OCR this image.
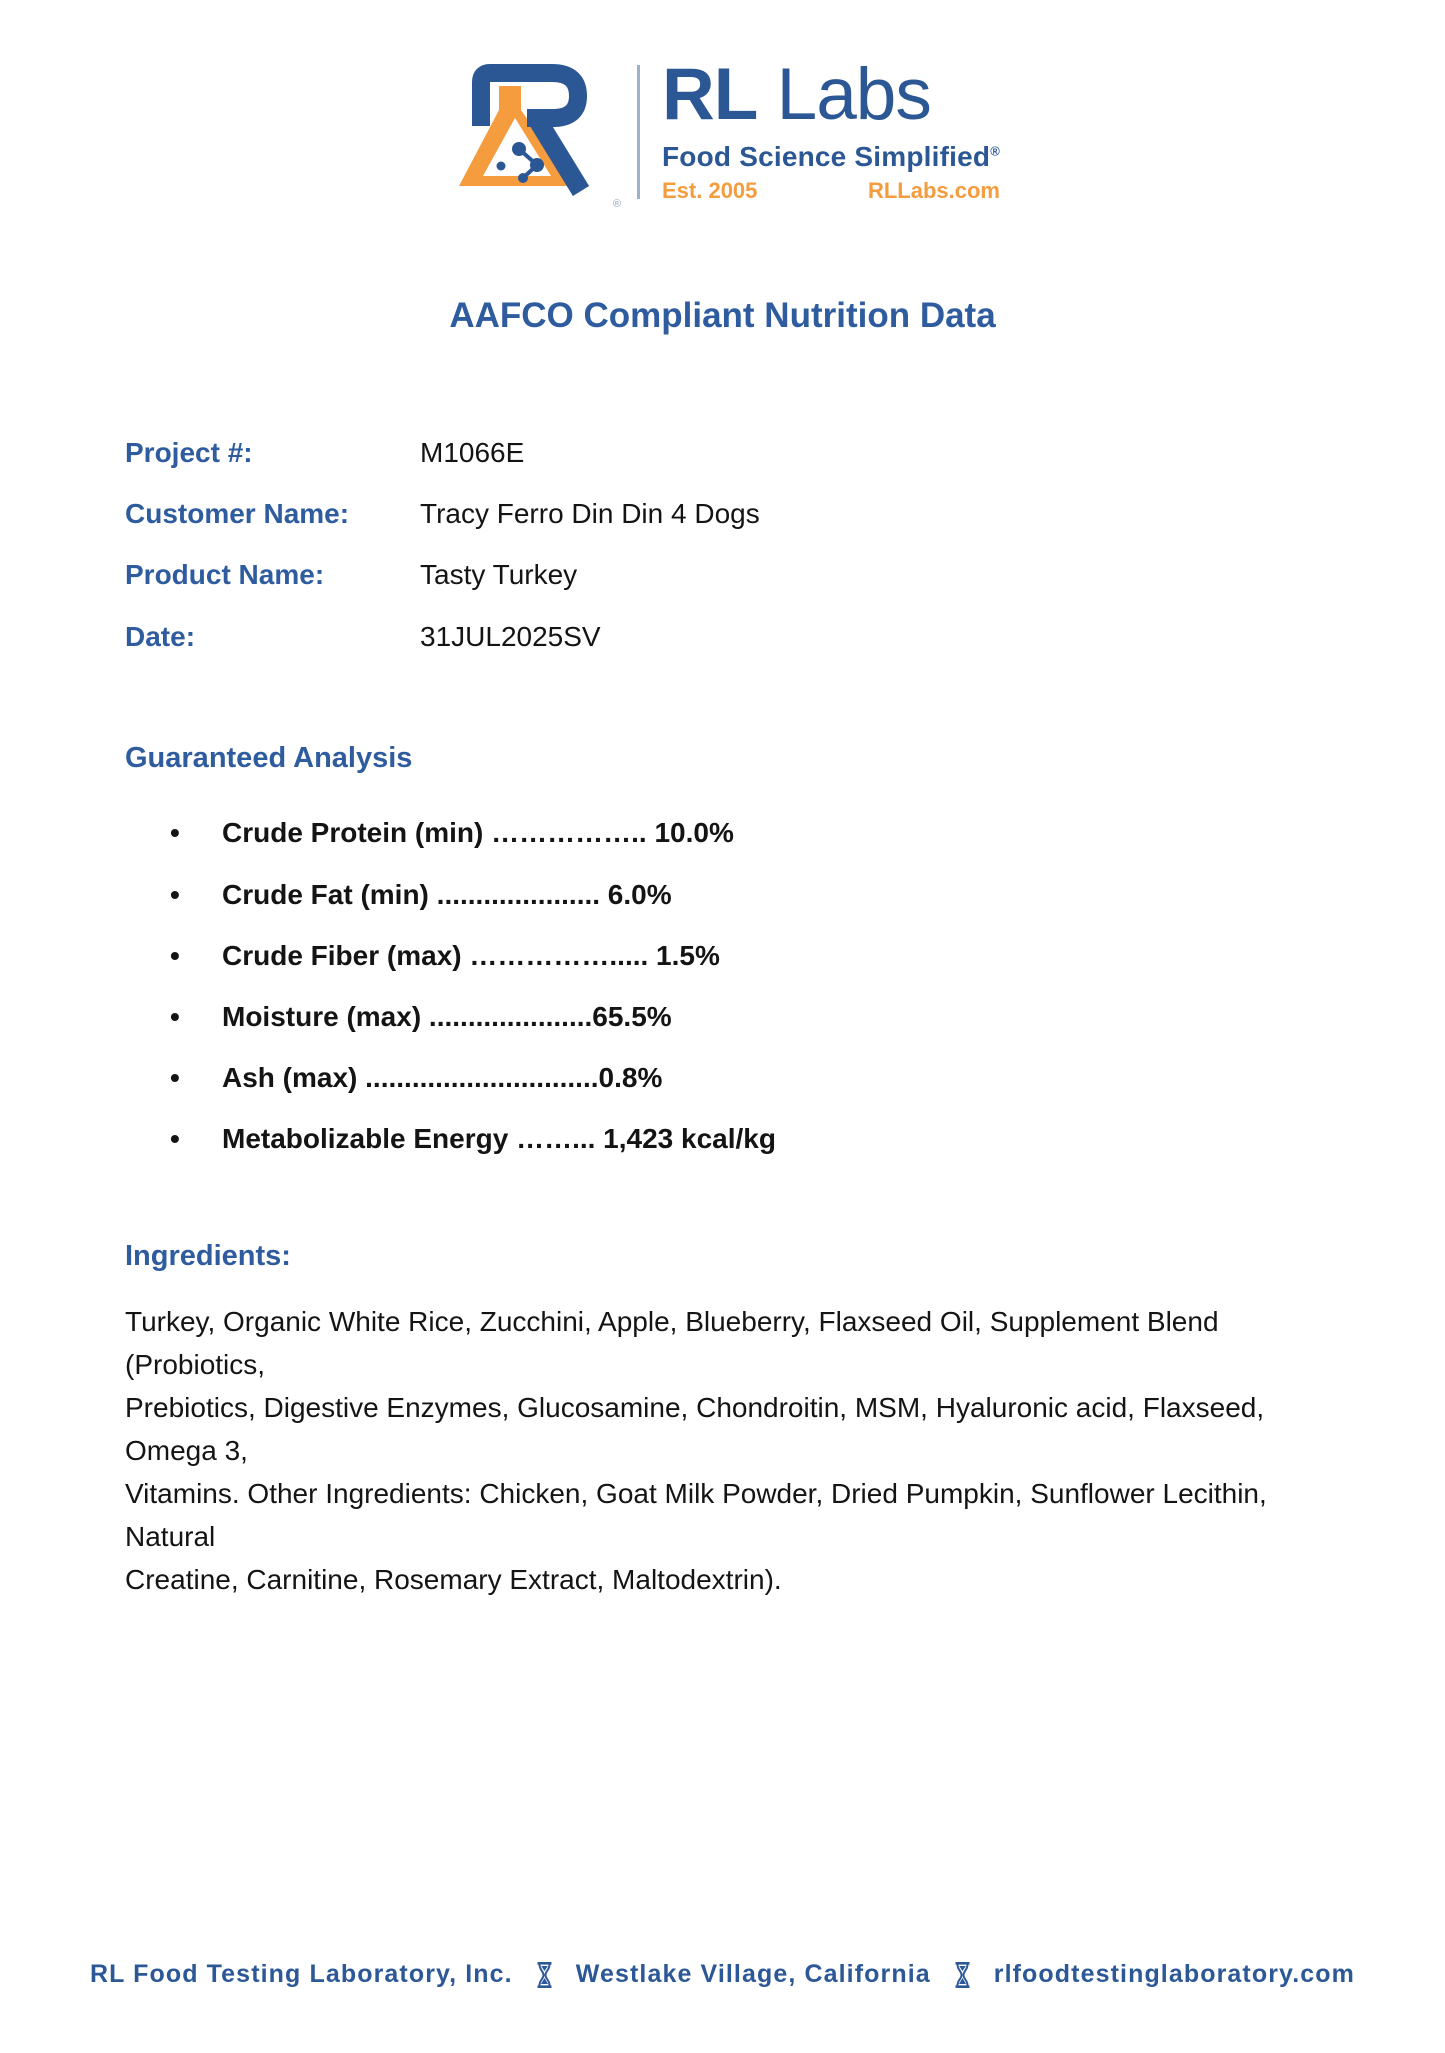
®
RL Labs
Food Science Simplified®
Est. 2005	RLLabs.com
AAFCO Compliant Nutrition Data
Project #:	M1066E
Customer Name:	Tracy Ferro Din Din 4 Dogs
Product Name:	Tasty Turkey
Date:	31JUL2025SV
Guaranteed Analysis
•	Crude Protein (min) …………….. 10.0%
•	Crude Fat (min) ..................... 6.0%
•	Crude Fiber (max) ……………..... 1.5%
•	Moisture (max) .....................65.5%
•	Ash (max) ..............................0.8%
•	Metabolizable Energy ……... 1,423 kcal/kg
Ingredients:
Turkey, Organic White Rice, Zucchini, Apple, Blueberry, Flaxseed Oil, Supplement Blend (Probiotics,
Prebiotics, Digestive Enzymes, Glucosamine, Chondroitin, MSM, Hyaluronic acid, Flaxseed, Omega 3,
Vitamins. Other Ingredients: Chicken, Goat Milk Powder, Dried Pumpkin, Sunflower Lecithin, Natural
Creatine, Carnitine, Rosemary Extract, Maltodextrin).
RL Food Testing Laboratory, Inc.	Westlake Village, California	rlfoodtestinglaboratory.com
